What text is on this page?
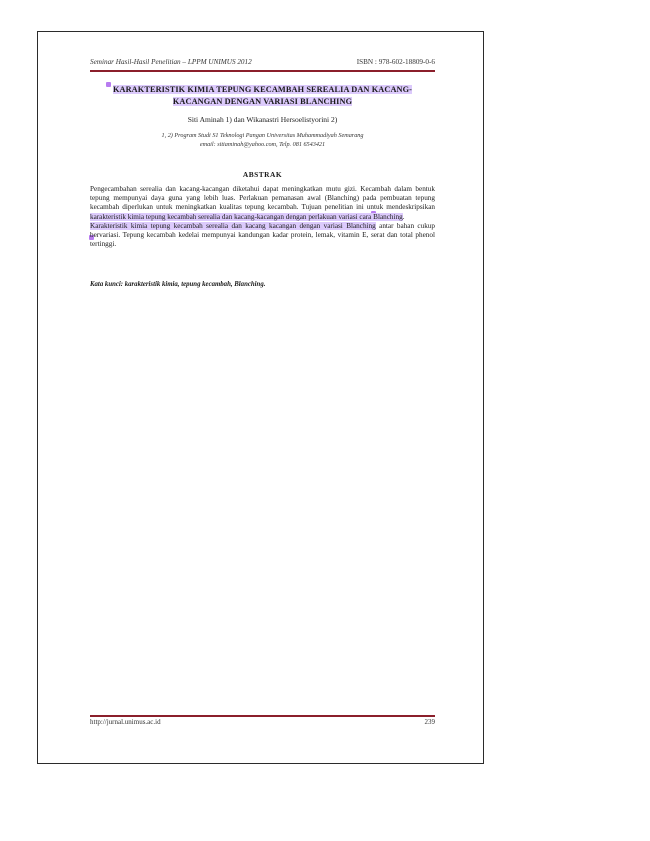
Seminar Hasil-Hasil Penelitian – LPPM UNIMUS 2012	ISBN : 978-602-18809-0-6
KARAKTERISTIK KIMIA TEPUNG KECAMBAH SEREALIA DAN KACANG-
KACANGAN DENGAN VARIASI BLANCHING
Siti Aminah 1) dan Wikanastri Hersoelistyorini 2)
1, 2) Program Studi S1 Teknologi Pangan Universitas Muhammadiyah Semarang
email: sitiaminah@yahoo.com, Telp. 081 6543421
ABSTRAK

Pengecambahan serealia dan kacang-kacangan diketahui dapat meningkatkan mutu gizi. Kecambah dalam bentuk tepung mempunyai daya guna yang lebih luas. Perlakuan pemanasan awal (Blanching) pada pembuatan tepung kecambah diperlukan untuk meningkatkan kualitas tepung kecambah. Tujuan penelitian ini untuk mendeskripsikan karakteristik kimia tepung kecambah serealia dan kacang-kacangan dengan perlakuan variasi cara Blanching.

Karakteristik kimia tepung kecambah serealia dan kacang kacangan dengan variasi Blanching antar bahan cukup bervariasi. Tepung kecambah kedelai mempunyai kandungan kadar protein, lemak, vitamin E, serat dan total phenol tertinggi.

Kata kunci: karakteristik kimia, tepung kecambah, Blanching.
http://jurnal.unimus.ac.id	239
